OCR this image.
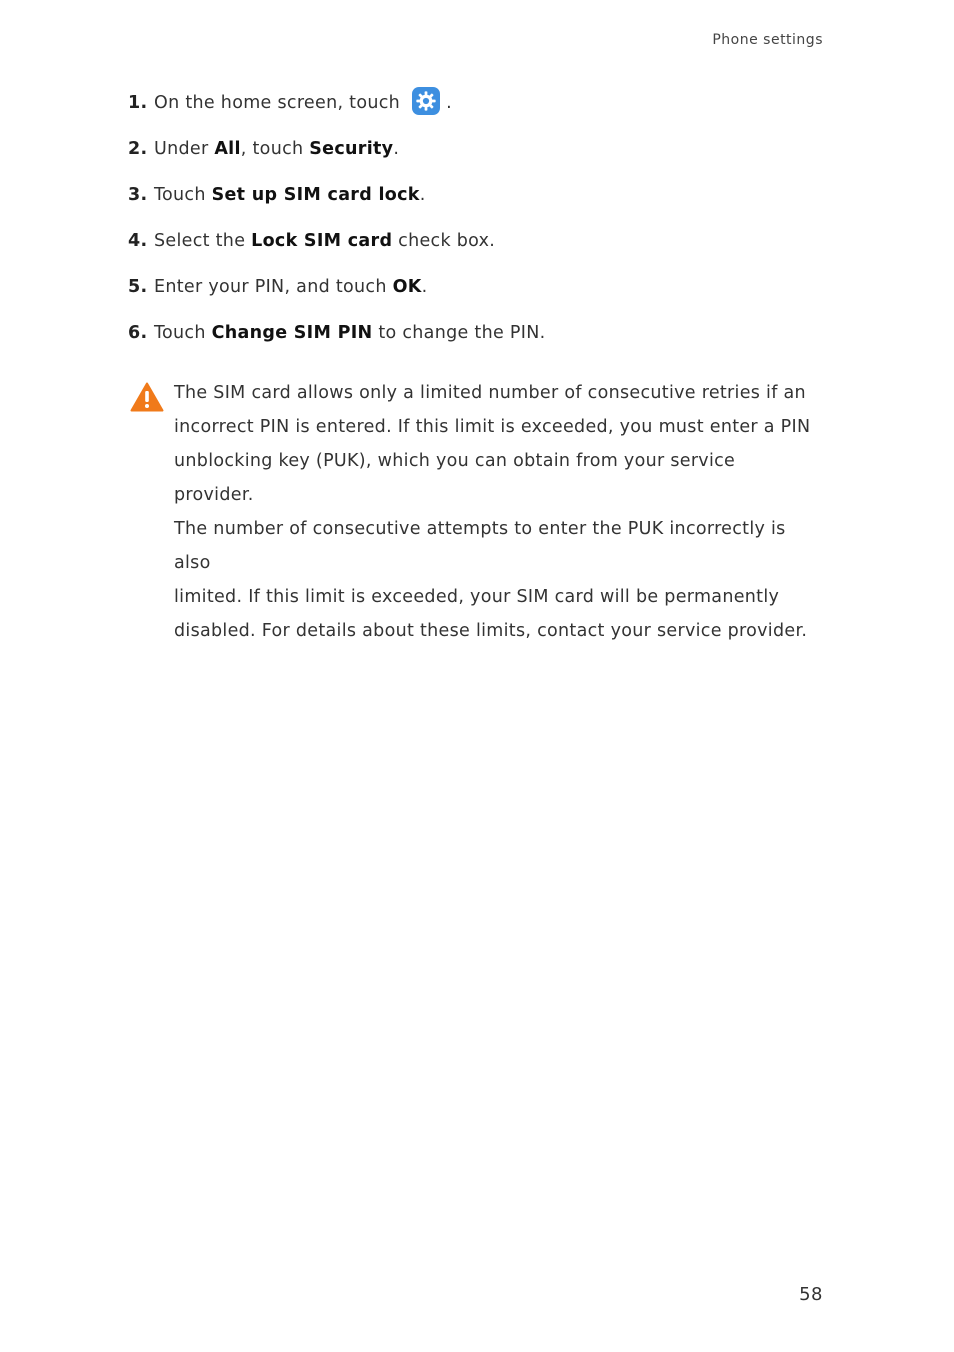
Phone settings
1. On the home screen, touch	.
2. Under All , touch Security .
3. Touch Set up SIM card lock .
4. Select the Lock SIM card check box.
5. Enter your PIN, and touch OK .
6. Touch Change SIM PIN to change the PIN.

The SIM card allows only a limited number of consecutive retries if an
incorrect PIN is entered. If this limit is exceeded, you must enter a PIN
unblocking key (PUK), which you can obtain from your service provider.
The number of consecutive attempts to enter the PUK incorrectly is also
limited. If this limit is exceeded, your SIM card will be permanently
disabled. For details about these limits, contact your service provider.

58
